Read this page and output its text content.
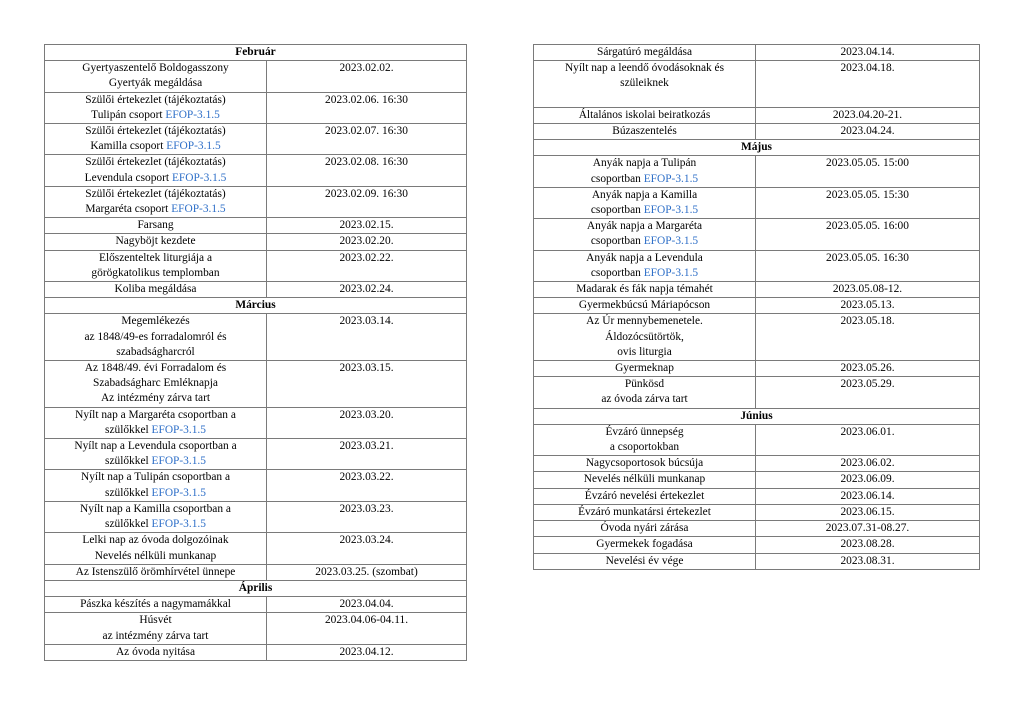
Február	

Gyertyaszentelő Boldogasszony
Gyertyák megáldása	2023.02.02.

Szülői értekezlet (tájékoztatás)
Tulipán csoport EFOP-3.1.5	2023.02.06. 16:30

Szülői értekezlet (tájékoztatás)
Kamilla csoport EFOP-3.1.5	2023.02.07. 16:30

Szülői értekezlet (tájékoztatás)
Levendula csoport EFOP-3.1.5	2023.02.08. 16:30

Szülői értekezlet (tájékoztatás)
Margaréta csoport EFOP-3.1.5	2023.02.09. 16:30

Farsang	2023.02.15.

Nagyböjt kezdete	2023.02.20.

Előszenteltek liturgiája a
görögkatolikus templomban	2023.02.22.

Koliba megáldása	2023.02.24.
Március	

Megemlékezés
az 1848/49-es forradalomról és
szabadságharcról	2023.03.14.

Az 1848/49. évi Forradalom és
Szabadságharc Emléknapja
Az intézmény zárva tart	2023.03.15.

Nyílt nap a Margaréta csoportban a
szülőkkel EFOP-3.1.5	2023.03.20.

Nyílt nap a Levendula csoportban a
szülőkkel EFOP-3.1.5	2023.03.21.

Nyílt nap a Tulipán csoportban a
szülőkkel EFOP-3.1.5	2023.03.22.

Nyílt nap a Kamilla csoportban a
szülőkkel EFOP-3.1.5	2023.03.23.

Lelki nap az óvoda dolgozóinak
Nevelés nélküli munkanap	2023.03.24.

Az Istenszülő örömhírvétel ünnepe	2023.03.25. (szombat)
Április	

Pászka készítés a nagymamákkal	2023.04.04.

Húsvét
az intézmény zárva tart	2023.04.06-04.11.

Az óvoda nyitása	2023.04.12.
Sárgatúró megáldása	2023.04.14.

Nyílt nap a leendő óvodásoknak és
szüleiknek	2023.04.18.

Általános iskolai beiratkozás	2023.04.20-21.

Búzaszentelés	2023.04.24.
Május	

Anyák napja a Tulipán
csoportban EFOP-3.1.5	2023.05.05. 15:00

Anyák napja a Kamilla
csoportban EFOP-3.1.5	2023.05.05. 15:30

Anyák napja a Margaréta
csoportban EFOP-3.1.5	2023.05.05. 16:00

Anyák napja a Levendula
csoportban EFOP-3.1.5	2023.05.05. 16:30

Madarak és fák napja témahét	2023.05.08-12.

Gyermekbúcsú Máriapócson	2023.05.13.

Az Úr mennybemenetele.
Áldozócsütörtök,
ovis liturgia	2023.05.18.

Gyermeknap	2023.05.26.

Pünkösd
az óvoda zárva tart	2023.05.29.
Június	

Évzáró ünnepség
a csoportokban	2023.06.01.

Nagycsoportosok búcsúja	2023.06.02.

Nevelés nélküli munkanap	2023.06.09.

Évzáró nevelési értekezlet	2023.06.14.

Évzáró munkatársi értekezlet	2023.06.15.

Óvoda nyári zárása	2023.07.31-08.27.

Gyermekek fogadása	2023.08.28.

Nevelési év vége	2023.08.31.
